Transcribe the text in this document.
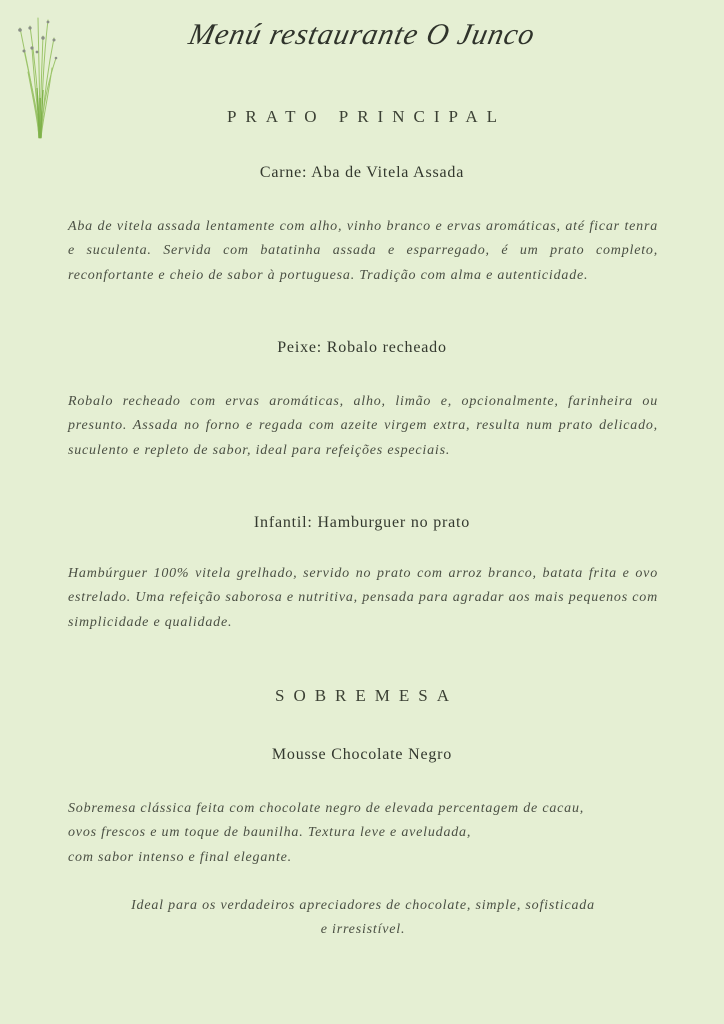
Menú restaurante O Junco
PRATO PRINCIPAL
Carne: Aba de Vitela Assada

Aba de vitela assada lentamente com alho, vinho branco e ervas aromáticas, até ficar tenra e suculenta. Servida com batatinha assada e esparregado, é um prato completo, reconfortante e cheio de sabor à portuguesa. Tradição com alma e autenticidade.

Peixe: Robalo recheado

Robalo recheado com ervas aromáticas, alho, limão e, opcionalmente, farinheira ou presunto. Assada no forno e regada com azeite virgem extra, resulta num prato delicado, suculento e repleto de sabor, ideal para refeições especiais.

Infantil: Hamburguer no prato

Hambúrguer 100% vitela grelhado, servido no prato com arroz branco, batata frita e ovo estrelado. Uma refeição saborosa e nutritiva, pensada para agradar aos mais pequenos com simplicidade e qualidade.

SOBREMESA
Mousse Chocolate Negro

Sobremesa clássica feita com chocolate negro de elevada percentagem de cacau,
ovos frescos e um toque de baunilha. Textura leve e aveludada,
com sabor intenso e final elegante.

Ideal para os verdadeiros apreciadores de chocolate, simple, sofisticada
e irresistível.
